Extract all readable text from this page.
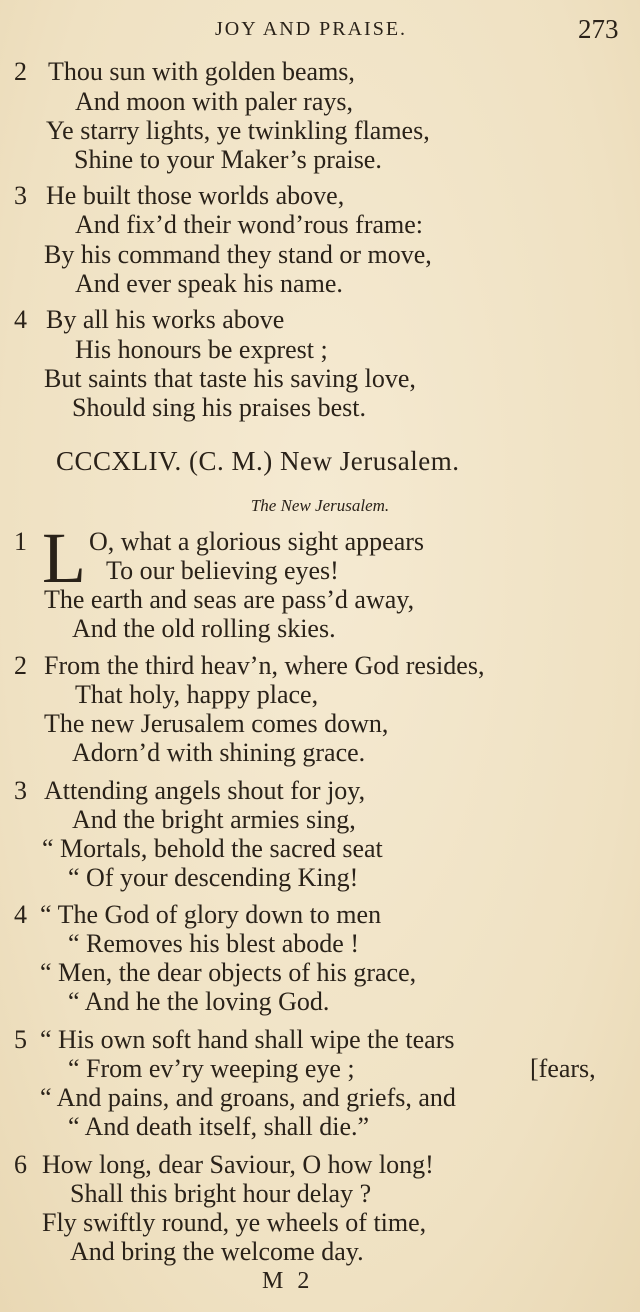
JOY AND PRAISE.	273
2 Thou sun with golden beams,
And moon with paler rays,
Ye starry lights, ye twinkling flames,
Shine to your Maker’s praise.
3 He built those worlds above,
And fix’d their wond’rous frame:
By his command they stand or move,
And ever speak his name.
4 By all his works above
His honours be exprest ;
But saints that taste his saving love,
Should sing his praises best.
CCCXLIV. (C. M.) New Jerusalem.
The New Jerusalem.
1 L O, what a glorious sight appears
To our believing eyes!
The earth and seas are pass’d away,
And the old rolling skies.
2 From the third heav’n, where God resides,
That holy, happy place,
The new Jerusalem comes down,
Adorn’d with shining grace.
3 Attending angels shout for joy,
And the bright armies sing,
“ Mortals, behold the sacred seat
“ Of your descending King!
4 “ The God of glory down to men
“ Removes his blest abode !
“ Men, the dear objects of his grace,
“ And he the loving God.
5 “ His own soft hand shall wipe the tears
“ From ev’ry weeping eye ;	[fears,
“ And pains, and groans, and griefs, and
“ And death itself, shall die.”
6 How long, dear Saviour, O how long!
Shall this bright hour delay ?
Fly swiftly round, ye wheels of time,
And bring the welcome day.
M 2
